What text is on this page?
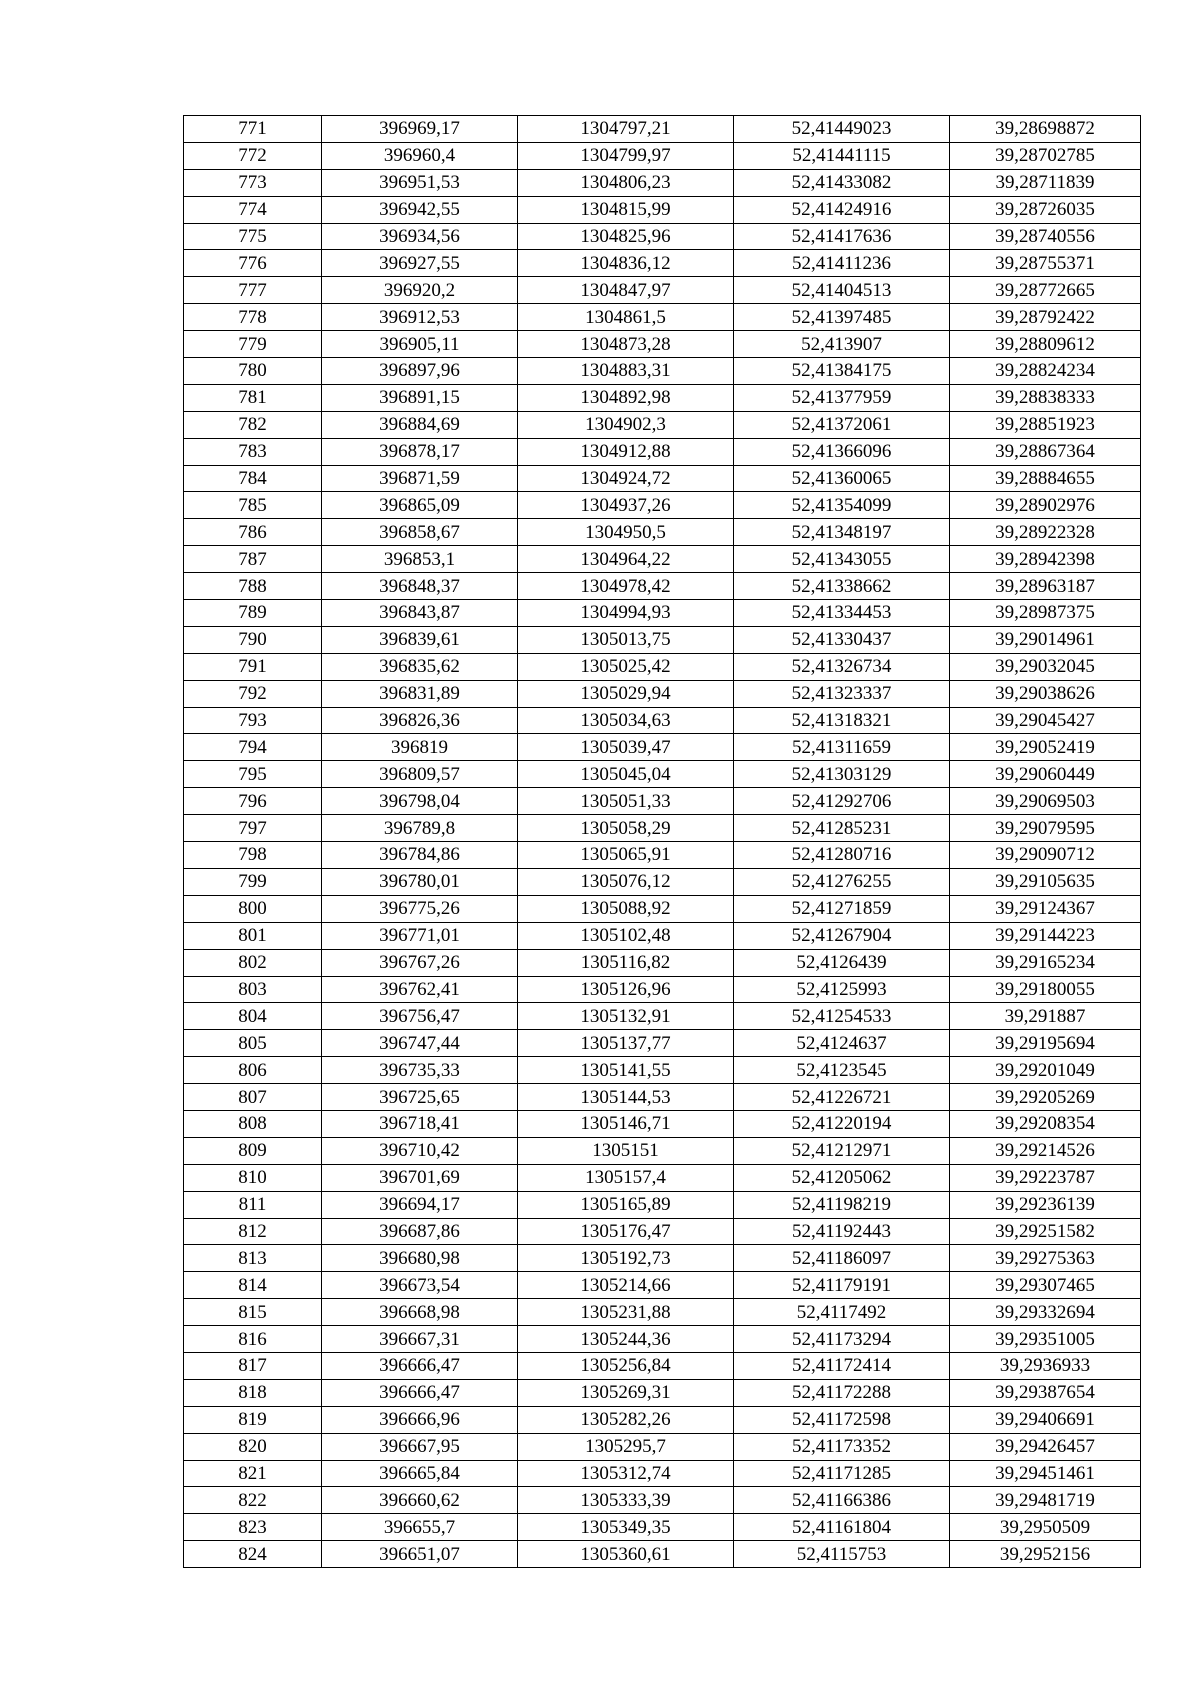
771	396969,17	1304797,21	52,41449023	39,28698872
772	396960,4	1304799,97	52,41441115	39,28702785
773	396951,53	1304806,23	52,41433082	39,28711839
774	396942,55	1304815,99	52,41424916	39,28726035
775	396934,56	1304825,96	52,41417636	39,28740556
776	396927,55	1304836,12	52,41411236	39,28755371
777	396920,2	1304847,97	52,41404513	39,28772665
778	396912,53	1304861,5	52,41397485	39,28792422
779	396905,11	1304873,28	52,413907	39,28809612
780	396897,96	1304883,31	52,41384175	39,28824234
781	396891,15	1304892,98	52,41377959	39,28838333
782	396884,69	1304902,3	52,41372061	39,28851923
783	396878,17	1304912,88	52,41366096	39,28867364
784	396871,59	1304924,72	52,41360065	39,28884655
785	396865,09	1304937,26	52,41354099	39,28902976
786	396858,67	1304950,5	52,41348197	39,28922328
787	396853,1	1304964,22	52,41343055	39,28942398
788	396848,37	1304978,42	52,41338662	39,28963187
789	396843,87	1304994,93	52,41334453	39,28987375
790	396839,61	1305013,75	52,41330437	39,29014961
791	396835,62	1305025,42	52,41326734	39,29032045
792	396831,89	1305029,94	52,41323337	39,29038626
793	396826,36	1305034,63	52,41318321	39,29045427
794	396819	1305039,47	52,41311659	39,29052419
795	396809,57	1305045,04	52,41303129	39,29060449
796	396798,04	1305051,33	52,41292706	39,29069503
797	396789,8	1305058,29	52,41285231	39,29079595
798	396784,86	1305065,91	52,41280716	39,29090712
799	396780,01	1305076,12	52,41276255	39,29105635
800	396775,26	1305088,92	52,41271859	39,29124367
801	396771,01	1305102,48	52,41267904	39,29144223
802	396767,26	1305116,82	52,4126439	39,29165234
803	396762,41	1305126,96	52,4125993	39,29180055
804	396756,47	1305132,91	52,41254533	39,291887
805	396747,44	1305137,77	52,4124637	39,29195694
806	396735,33	1305141,55	52,4123545	39,29201049
807	396725,65	1305144,53	52,41226721	39,29205269
808	396718,41	1305146,71	52,41220194	39,29208354
809	396710,42	1305151	52,41212971	39,29214526
810	396701,69	1305157,4	52,41205062	39,29223787
811	396694,17	1305165,89	52,41198219	39,29236139
812	396687,86	1305176,47	52,41192443	39,29251582
813	396680,98	1305192,73	52,41186097	39,29275363
814	396673,54	1305214,66	52,41179191	39,29307465
815	396668,98	1305231,88	52,4117492	39,29332694
816	396667,31	1305244,36	52,41173294	39,29351005
817	396666,47	1305256,84	52,41172414	39,2936933
818	396666,47	1305269,31	52,41172288	39,29387654
819	396666,96	1305282,26	52,41172598	39,29406691
820	396667,95	1305295,7	52,41173352	39,29426457
821	396665,84	1305312,74	52,41171285	39,29451461
822	396660,62	1305333,39	52,41166386	39,29481719
823	396655,7	1305349,35	52,41161804	39,2950509
824	396651,07	1305360,61	52,4115753	39,2952156
